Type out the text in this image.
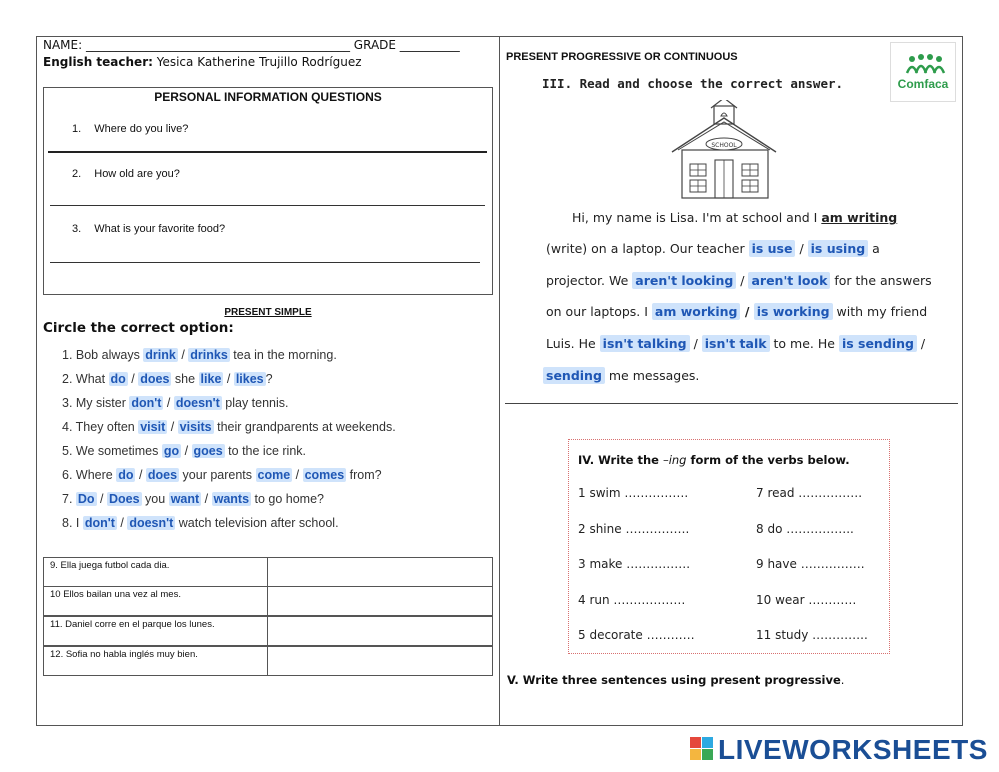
NAME: ____________________________________________ GRADE __________
English teacher: Yesica Katherine Trujillo Rodríguez
PERSONAL INFORMATION QUESTIONS
1. Where do you live?
2. How old are you?
3. What is your favorite food?
PRESENT SIMPLE
Circle the correct option:
1. Bob always drink / drinks tea in the morning.
2. What do / does she like / likes ?
3. My sister don't / doesn't play tennis.
4. They often visit / visits their grandparents at weekends.
5. We sometimes go / goes to the ice rink.
6. Where do / does your parents come / comes from?
7. Do / Does you want / wants to go home?
8. I don't / doesn't watch television after school.
9. Ella juega futbol cada dia.
10 Ellos bailan una vez al mes.
11. Daniel corre en el parque los lunes.
12. Sofia no habla inglés muy bien.
PRESENT PROGRESSIVE OR CONTINUOUS
Comfaca
III. Read and choose the correct answer.
SCHOOL
Hi, my name is Lisa. I'm at school and I am writing
(write) on a laptop. Our teacher is use / is using a
projector. We aren't looking / aren't look for the answers
on our laptops. I am working / is working with my friend
Luis. He isn't talking / isn't talk to me. He is sending /
sending me messages.
IV. Write the –ing form of the verbs below.
1 swim …………….
2 shine …………….
3 make …………….
4 run ………………
5 decorate …………
7 read …………….
8 do ……………..
9 have …………….
10 wear …………
11 study …………..
V. Write three sentences using present progressive.
LIVEWORKSHEETS
